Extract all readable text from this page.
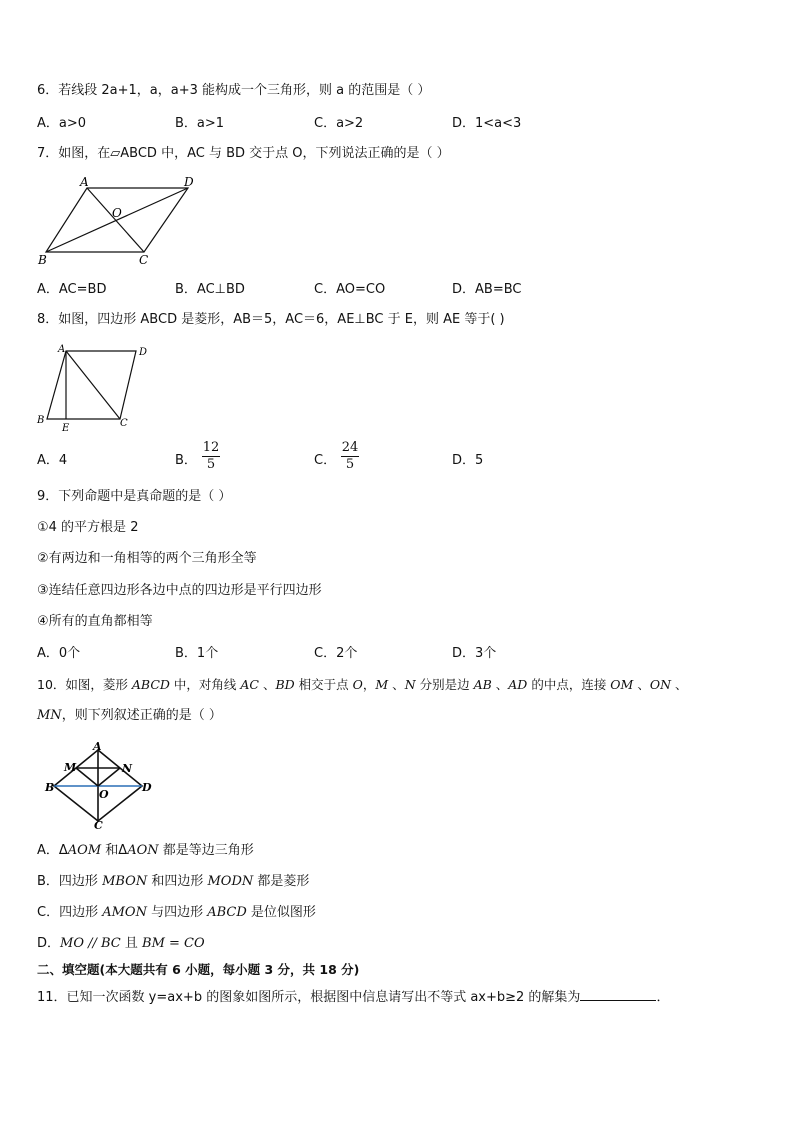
6．若线段 2a+1，a，a+3 能构成一个三角形，则 a 的范围是（ ）
A．a>0	B．a>1	C．a>2	D．1<a<3
7．如图，在▱ABCD 中，AC 与 BD 交于点 O，下列说法正确的是（ ）
A	D
O
B	C
A．AC=BD	B．AC⊥BD	C．AO=CO	D．AB=BC
8．如图，四边形 ABCD 是菱形，AB＝5，AC＝6，AE⊥BC 于 E，则 AE 等于( )
A	D
B
E	C
A．4	B．
12
5	C．
24
5	D．5
9．下列命题中是真命题的是（ ）
①4 的平方根是 2
②有两边和一角相等的两个三角形全等
③连结任意四边形各边中点的四边形是平行四边形
④所有的直角都相等
A．0个	B．1个	C．2个	D．3个
10．如图，菱形 ABCD 中，对角线 AC 、BD 相交于点 O，M 、N 分别是边 AB 、AD 的中点，连接 OM 、ON 、
MN，则下列叙述正确的是（ ）
A
M	N
B	D
O
C
A．ΔAOM 和ΔAON 都是等边三角形
B．四边形 MBON 和四边形 MODN 都是菱形
C．四边形 AMON 与四边形 ABCD 是位似图形
D．MO // BC 且 BM = CO
二、填空题(本大题共有 6 小题，每小题 3 分，共 18 分)
11．已知一次函数 y=ax+b 的图象如图所示，根据图中信息请写出不等式 ax+b≥2 的解集为	．
